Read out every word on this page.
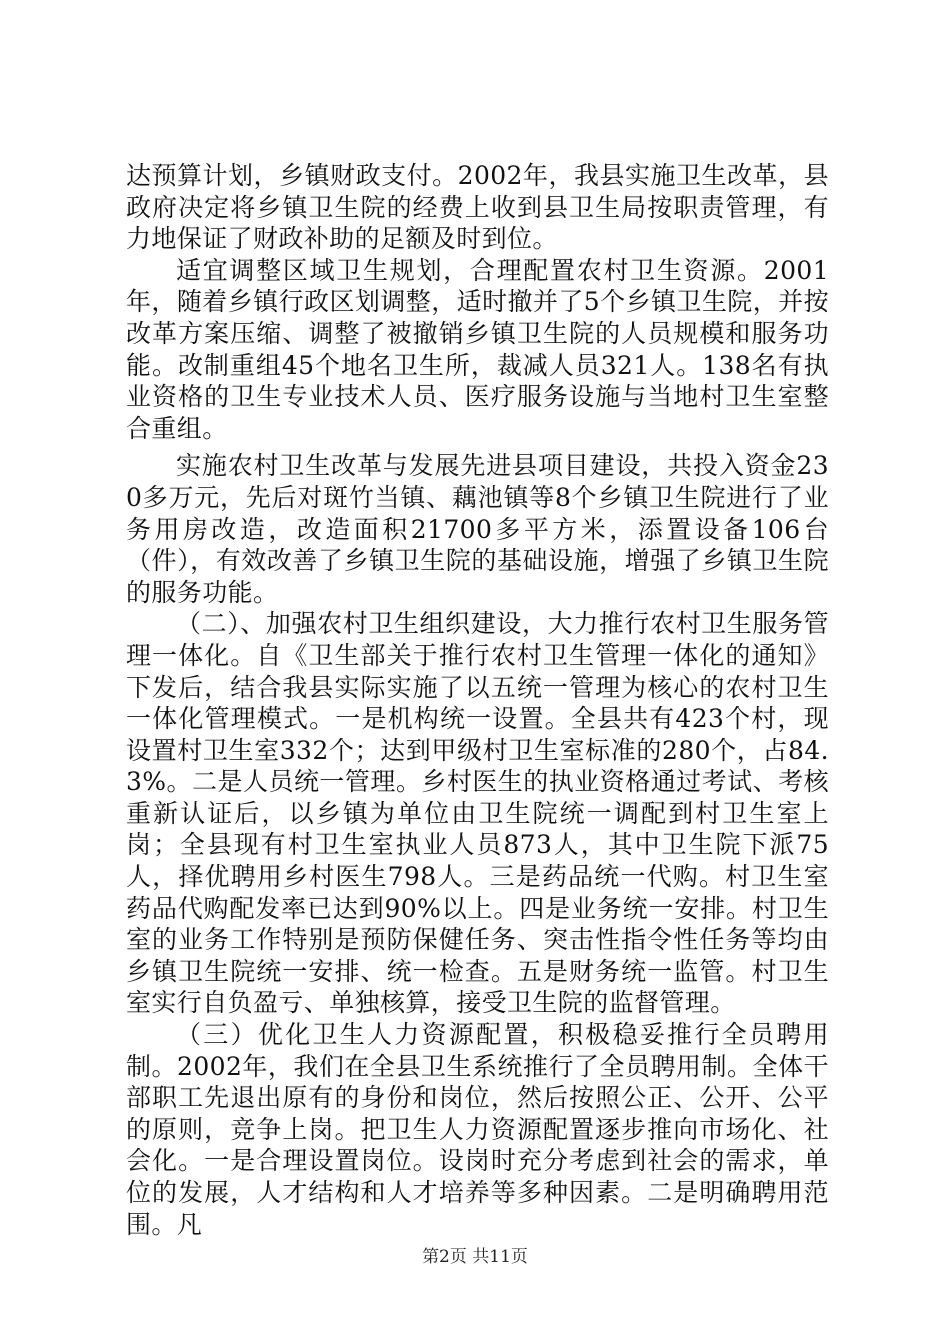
达预算计划，乡镇财政支付。2002年，我县实施卫生改革，县政府决定将乡镇卫生院的经费上收到县卫生局按职责管理，有力地保证了财政补助的足额及时到位。

适宜调整区域卫生规划，合理配置农村卫生资源。2001年，随着乡镇行政区划调整，适时撤并了5个乡镇卫生院，并按改革方案压缩、调整了被撤销乡镇卫生院的人员规模和服务功能。改制重组45个地名卫生所，裁减人员321人。138名有执业资格的卫生专业技术人员、医疗服务设施与当地村卫生室整合重组。

实施农村卫生改革与发展先进县项目建设，共投入资金230多万元，先后对斑竹当镇、藕池镇等8个乡镇卫生院进行了业务用房改造，改造面积21700多平方米，添置设备106台（件），有效改善了乡镇卫生院的基础设施，增强了乡镇卫生院的服务功能。

（二）、加强农村卫生组织建设，大力推行农村卫生服务管理一体化。自《卫生部关于推行农村卫生管理一体化的通知》下发后，结合我县实际实施了以五统一管理为核心的农村卫生一体化管理模式。一是机构统一设置。全县共有423个村，现设置村卫生室332个；达到甲级村卫生室标准的280个，占84.3%。二是人员统一管理。乡村医生的执业资格通过考试、考核重新认证后，以乡镇为单位由卫生院统一调配到村卫生室上岗；全县现有村卫生室执业人员873人，其中卫生院下派75人，择优聘用乡村医生798人。三是药品统一代购。村卫生室药品代购配发率已达到90%以上。四是业务统一安排。村卫生室的业务工作特别是预防保健任务、突击性指令性任务等均由乡镇卫生院统一安排、统一检查。五是财务统一监管。村卫生室实行自负盈亏、单独核算，接受卫生院的监督管理。

（三）优化卫生人力资源配置，积极稳妥推行全员聘用制。2002年，我们在全县卫生系统推行了全员聘用制。全体干部职工先退出原有的身份和岗位，然后按照公正、公开、公平的原则，竞争上岗。把卫生人力资源配置逐步推向市场化、社会化。一是合理设置岗位。设岗时充分考虑到社会的需求，单位的发展，人才结构和人才培养等多种因素。二是明确聘用范围。凡

第2页 共11页
